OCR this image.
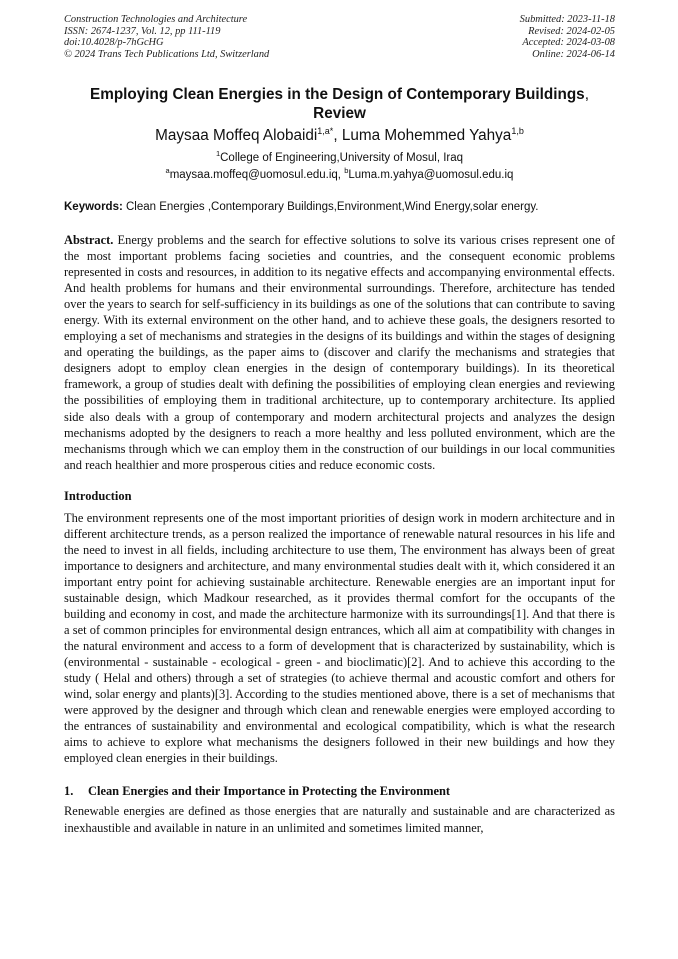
Construction Technologies and Architecture
ISSN: 2674-1237, Vol. 12, pp 111-119
doi:10.4028/p-7hGcHG
© 2024 Trans Tech Publications Ltd, Switzerland
Submitted: 2023-11-18
Revised: 2024-02-05
Accepted: 2024-03-08
Online: 2024-06-14
Employing Clean Energies in the Design of Contemporary Buildings,
Review
Maysaa Moffeq Alobaidi$^{1,a*}$, Luma Mohemmed Yahya$^{1,b}$
$^1$College of Engineering,University of Mosul, Iraq
$^a$maysaa.moffeq@uomosul.edu.iq, $^b$Luma.m.yahya@uomosul.edu.iq
Keywords: Clean Energies ,Contemporary Buildings,Environment,Wind Energy,solar energy.
Abstract. Energy problems and the search for effective solutions to solve its various crises represent one of the most important problems facing societies and countries, and the consequent economic problems represented in costs and resources, in addition to its negative effects and accompanying environmental effects. And health problems for humans and their environmental surroundings. Therefore, architecture has tended over the years to search for self-sufficiency in its buildings as one of the solutions that can contribute to saving energy. With its external environment on the other hand, and to achieve these goals, the designers resorted to employing a set of mechanisms and strategies in the designs of its buildings and within the stages of designing and operating the buildings, as the paper aims to (discover and clarify the mechanisms and strategies that designers adopt to employ clean energies in the design of contemporary buildings). In its theoretical framework, a group of studies dealt with defining the possibilities of employing clean energies and reviewing the possibilities of employing them in traditional architecture, up to contemporary architecture. Its applied side also deals with a group of contemporary and modern architectural projects and analyzes the design mechanisms adopted by the designers to reach a more healthy and less polluted environment, which are the mechanisms through which we can employ them in the construction of our buildings in our local communities and reach healthier and more prosperous cities and reduce economic costs.
Introduction
The environment represents one of the most important priorities of design work in modern architecture and in different architecture trends, as a person realized the importance of renewable natural resources in his life and the need to invest in all fields, including architecture to use them, The environment has always been of great importance to designers and architecture, and many environmental studies dealt with it, which considered it an important entry point for achieving sustainable architecture. Renewable energies are an important input for sustainable design, which Madkour researched, as it provides thermal comfort for the occupants of the building and economy in cost, and made the architecture harmonize with its surroundings[1]. And that there is a set of common principles for environmental design entrances, which all aim at compatibility with changes in the natural environment and access to a form of development that is characterized by sustainability, which is (environmental - sustainable - ecological - green - and bioclimatic)[2]. And to achieve this according to the study ( Helal and others) through a set of strategies (to achieve thermal and acoustic comfort and others for wind, solar energy and plants)[3]. According to the studies mentioned above, there is a set of mechanisms that were approved by the designer and through which clean and renewable energies were employed according to the entrances of sustainability and environmental and ecological compatibility, which is what the research aims to achieve to explore what mechanisms the designers followed in their new buildings and how they employed clean energies in their buildings.
1. Clean Energies and their Importance in Protecting the Environment
Renewable energies are defined as those energies that are naturally and sustainable and are characterized as inexhaustible and available in nature in an unlimited and sometimes limited manner,
